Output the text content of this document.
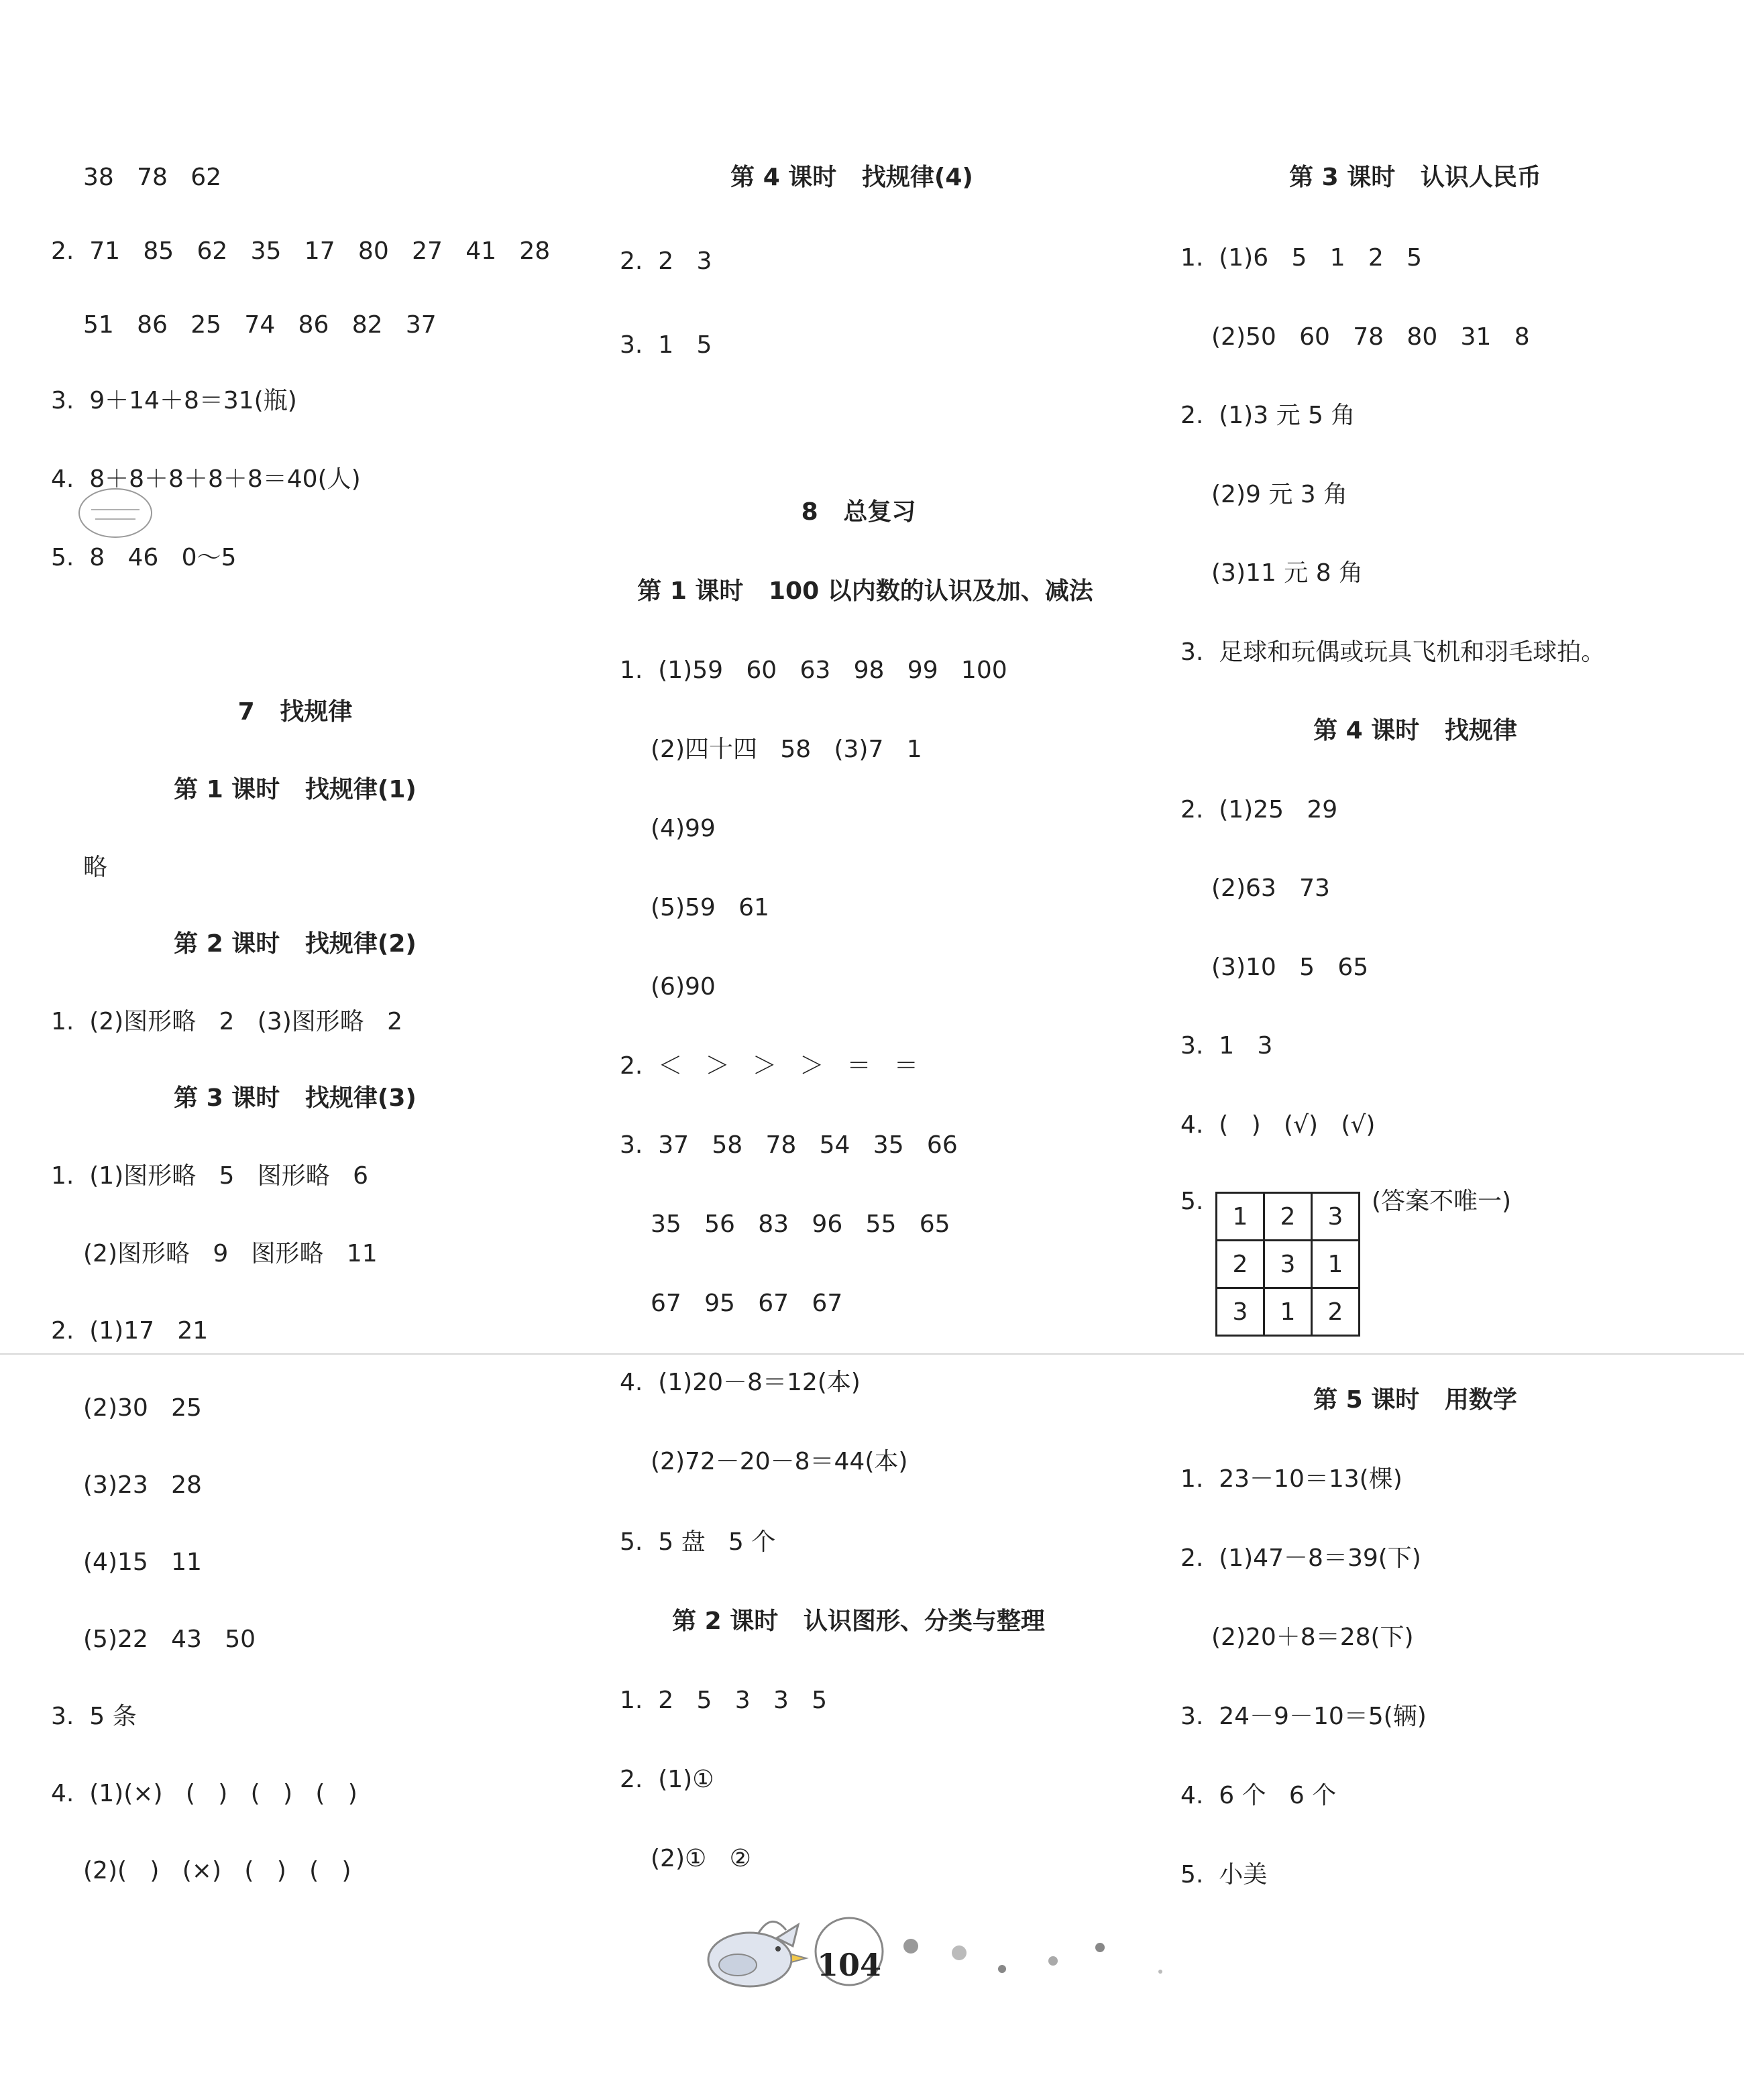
38   78   62
2.  71   85   62   35   17   80   27   41   28
51   86   25   74   86   82   37
3.  9＋14＋8＝31(瓶)
4.  8＋8＋8＋8＋8＝40(人)
5.  8   46   0～5
7   找规律
第 1 课时   找规律(1)
略
第 2 课时   找规律(2)
1.  (2)图形略   2   (3)图形略   2
第 3 课时   找规律(3)
1.  (1)图形略   5   图形略   6
(2)图形略   9   图形略   11
2.  (1)17   21
(2)30   25
(3)23   28
(4)15   11
(5)22   43   50
3.  5 条
4.  (1)(×)   (   )   (   )   (   )
(2)(   )   (×)   (   )   (   )
第 4 课时   找规律(4)
2.  2   3
3.  1   5
8   总复习
第 1 课时   100 以内数的认识及加、减法
1.  (1)59   60   63   98   99   100
(2)四十四   58   (3)7   1
(4)99
(5)59   61
(6)90
2.  ＜   ＞   ＞   ＞   ＝   ＝
3.  37   58   78   54   35   66
35   56   83   96   55   65
67   95   67   67
4.  (1)20－8＝12(本)
(2)72－20－8＝44(本)
5.  5 盘   5 个
第 2 课时   认识图形、分类与整理
1.  2   5   3   3   5
2.  (1)①
(2)①   ②
第 3 课时   认识人民币
1.  (1)6   5   1   2   5
(2)50   60   78   80   31   8
2.  (1)3 元 5 角
(2)9 元 3 角
(3)11 元 8 角
3.  足球和玩偶或玩具飞机和羽毛球拍。
第 4 课时   找规律
2.  (1)25   29
(2)63   73
(3)10   5   65
3.  1   3
4.  (   )   (√)   (√)
5.
1	2	3
2	3	1
3	1	2
(答案不唯一)
第 5 课时   用数学
1.  23－10＝13(棵)
2.  (1)47－8＝39(下)
(2)20＋8＝28(下)
3.  24－9－10＝5(辆)
4.  6 个   6 个
5.  小美
104
